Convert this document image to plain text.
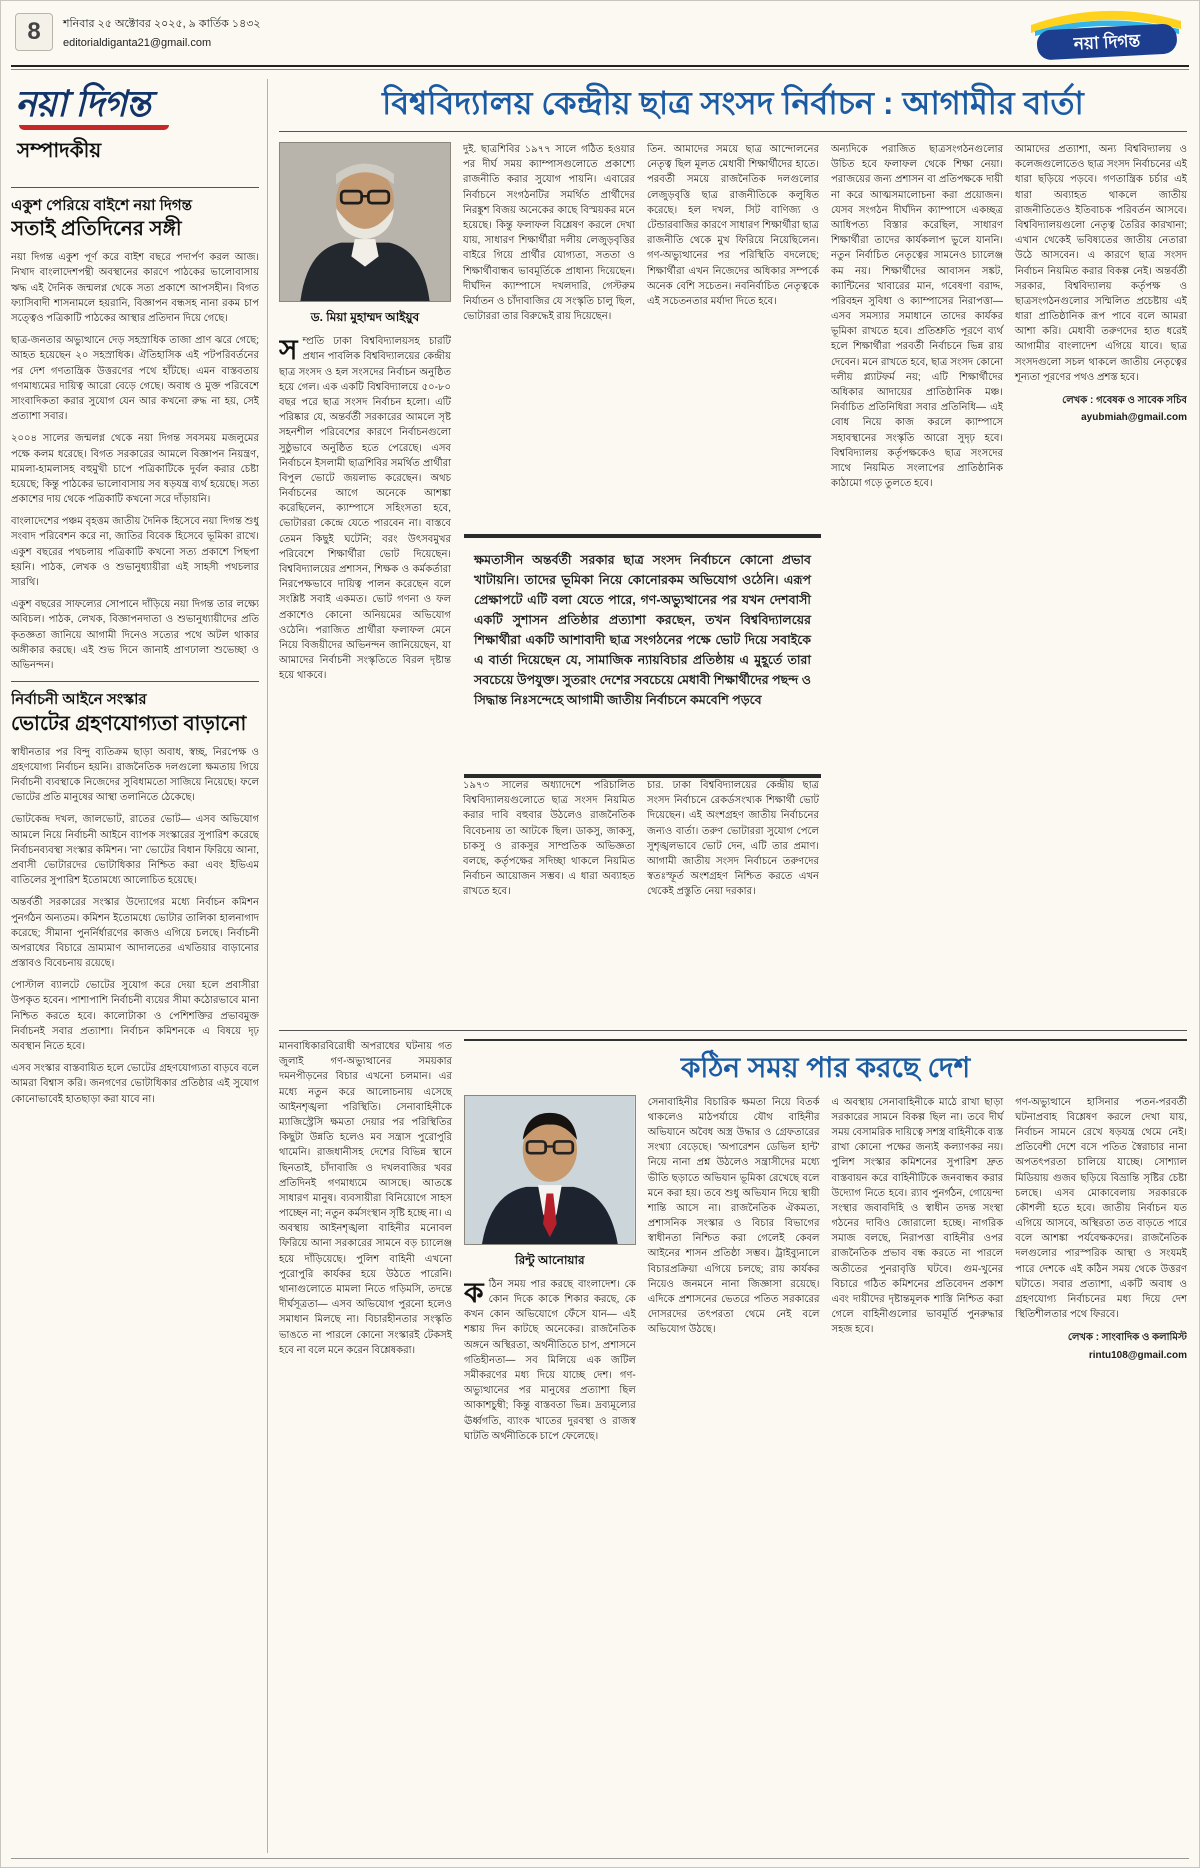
8	শনিবার ২৫ অক্টোবর ২০২৫, ৯ কার্তিক ১৪৩২
editorialdiganta21@gmail.com	নয়া দিগন্ত
নয়া দিগন্ত
সম্পাদকীয়
একুশ পেরিয়ে বাইশে নয়া দিগন্ত
সতাই প্রতিদিনের সঙ্গী

নয়া দিগন্ত একুশ পূর্ণ করে বাইশ বছরে পদার্পণ করল আজ। নিখাদ বাংলাদেশপন্থী অবস্থানের কারণে পাঠকের ভালোবাসায় ঋদ্ধ এই দৈনিক জন্মলগ্ন থেকে সত্য প্রকাশে আপসহীন। বিগত ফ্যাসিবাদী শাসনামলে হয়রানি, বিজ্ঞাপন বন্ধসহ নানা রকম চাপ সত্ত্বেও পত্রিকাটি পাঠকের আস্থার প্রতিদান দিয়ে গেছে।

ছাত্র-জনতার অভ্যুত্থানে দেড় সহস্রাধিক তাজা প্রাণ ঝরে গেছে; আহত হয়েছেন ২০ সহস্রাধিক। ঐতিহাসিক এই পটপরিবর্তনের পর দেশ গণতান্ত্রিক উত্তরণের পথে হাঁটছে। এমন বাস্তবতায় গণমাধ্যমের দায়িত্ব আরো বেড়ে গেছে। অবাধ ও মুক্ত পরিবেশে সাংবাদিকতা করার সুযোগ যেন আর কখনো রুদ্ধ না হয়, সেই প্রত্যাশা সবার।

২০০৪ সালের জন্মলগ্ন থেকে নয়া দিগন্ত সবসময় মজলুমের পক্ষে কলম ধরেছে। বিগত সরকারের আমলে বিজ্ঞাপন নিয়ন্ত্রণ, মামলা-হামলাসহ বহুমুখী চাপে পত্রিকাটিকে দুর্বল করার চেষ্টা হয়েছে; কিন্তু পাঠকের ভালোবাসায় সব ষড়যন্ত্র ব্যর্থ হয়েছে। সত্য প্রকাশের দায় থেকে পত্রিকাটি কখনো সরে দাঁড়ায়নি।

বাংলাদেশের পঞ্চম বৃহত্তম জাতীয় দৈনিক হিসেবে নয়া দিগন্ত শুধু সংবাদ পরিবেশন করে না, জাতির বিবেক হিসেবে ভূমিকা রাখে। একুশ বছরের পথচলায় পত্রিকাটি কখনো সত্য প্রকাশে পিছপা হয়নি। পাঠক, লেখক ও শুভানুধ্যায়ীরা এই সাহসী পথচলার সারথি।

একুশ বছরের সাফল্যের সোপানে দাঁড়িয়ে নয়া দিগন্ত তার লক্ষ্যে অবিচল। পাঠক, লেখক, বিজ্ঞাপনদাতা ও শুভানুধ্যায়ীদের প্রতি কৃতজ্ঞতা জানিয়ে আগামী দিনেও সত্যের পথে অটল থাকার অঙ্গীকার করছে। এই শুভ দিনে জানাই প্রাণঢালা শুভেচ্ছা ও অভিনন্দন।

নির্বাচনী আইনে সংস্কার
ভোটের গ্রহণযোগ্যতা বাড়ানো

স্বাধীনতার পর বিন্দু ব্যতিক্রম ছাড়া অবাধ, স্বচ্ছ, নিরপেক্ষ ও গ্রহণযোগ্য নির্বাচন হয়নি। রাজনৈতিক দলগুলো ক্ষমতায় গিয়ে নির্বাচনী ব্যবস্থাকে নিজেদের সুবিধামতো সাজিয়ে নিয়েছে। ফলে ভোটের প্রতি মানুষের আস্থা তলানিতে ঠেকেছে।

ভোটকেন্দ্র দখল, জালভোট, রাতের ভোট— এসব অভিযোগ আমলে নিয়ে নির্বাচনী আইনে ব্যাপক সংস্কারের সুপারিশ করেছে নির্বাচনব্যবস্থা সংস্কার কমিশন। 'না' ভোটের বিধান ফিরিয়ে আনা, প্রবাসী ভোটারদের ভোটাধিকার নিশ্চিত করা এবং ইভিএম বাতিলের সুপারিশ ইতোমধ্যে আলোচিত হয়েছে।

অন্তর্বর্তী সরকারের সংস্কার উদ্যোগের মধ্যে নির্বাচন কমিশন পুনর্গঠন অন্যতম। কমিশন ইতোমধ্যে ভোটার তালিকা হালনাগাদ করেছে; সীমানা পুনর্নির্ধারণের কাজও এগিয়ে চলছে। নির্বাচনী অপরাধের বিচারে ভ্রাম্যমাণ আদালতের এখতিয়ার বাড়ানোর প্রস্তাবও বিবেচনায় রয়েছে।

পোস্টাল ব্যালটে ভোটের সুযোগ করে দেয়া হলে প্রবাসীরা উপকৃত হবেন। পাশাপাশি নির্বাচনী ব্যয়ের সীমা কঠোরভাবে মানা নিশ্চিত করতে হবে। কালোটাকা ও পেশিশক্তির প্রভাবমুক্ত নির্বাচনই সবার প্রত্যাশা। নির্বাচন কমিশনকে এ বিষয়ে দৃঢ় অবস্থান নিতে হবে।

এসব সংস্কার বাস্তবায়িত হলে ভোটের গ্রহণযোগ্যতা বাড়বে বলে আমরা বিশ্বাস করি। জনগণের ভোটাধিকার প্রতিষ্ঠার এই সুযোগ কোনোভাবেই হাতছাড়া করা যাবে না।

বিশ্ববিদ্যালয় কেন্দ্রীয় ছাত্র সংসদ নির্বাচন : আগামীর বার্তা
ড. মিয়া মুহাম্মদ আইয়ুব
সম্প্রতি ঢাকা বিশ্ববিদ্যালয়সহ চারটি প্রধান পাবলিক বিশ্ববিদ্যালয়ের কেন্দ্রীয় ছাত্র সংসদ ও হল সংসদের নির্বাচন অনুষ্ঠিত হয়ে গেল। এক একটি বিশ্ববিদ্যালয়ে ৫০-৮০ বছর পরে ছাত্র সংসদ নির্বাচন হলো। এটি পরিষ্কার যে, অন্তর্বর্তী সরকারের আমলে সৃষ্ট সহনশীল পরিবেশের কারণে নির্বাচনগুলো সুষ্ঠুভাবে অনুষ্ঠিত হতে পেরেছে। এসব নির্বাচনে ইসলামী ছাত্রশিবির সমর্থিত প্রার্থীরা বিপুল ভোটে জয়লাভ করেছেন। অথচ নির্বাচনের আগে অনেকে আশঙ্কা করেছিলেন, ক্যাম্পাসে সহিংসতা হবে, ভোটাররা কেন্দ্রে যেতে পারবেন না। বাস্তবে তেমন কিছুই ঘটেনি; বরং উৎসবমুখর পরিবেশে শিক্ষার্থীরা ভোট দিয়েছেন। বিশ্ববিদ্যালয়ের প্রশাসন, শিক্ষক ও কর্মকর্তারা নিরপেক্ষভাবে দায়িত্ব পালন করেছেন বলে সংশ্লিষ্ট সবাই একমত। ভোট গণনা ও ফল প্রকাশেও কোনো অনিয়মের অভিযোগ ওঠেনি। পরাজিত প্রার্থীরা ফলাফল মেনে নিয়ে বিজয়ীদের অভিনন্দন জানিয়েছেন, যা আমাদের নির্বাচনী সংস্কৃতিতে বিরল দৃষ্টান্ত হয়ে থাকবে।
দুই. ছাত্রশিবির ১৯৭৭ সালে গঠিত হওয়ার পর দীর্ঘ সময় ক্যাম্পাসগুলোতে প্রকাশ্যে রাজনীতি করার সুযোগ পায়নি। এবারের নির্বাচনে সংগঠনটির সমর্থিত প্রার্থীদের নিরঙ্কুশ বিজয় অনেকের কাছে বিস্ময়কর মনে হয়েছে। কিন্তু ফলাফল বিশ্লেষণ করলে দেখা যায়, সাধারণ শিক্ষার্থীরা দলীয় লেজুড়বৃত্তির বাইরে গিয়ে প্রার্থীর যোগ্যতা, সততা ও শিক্ষার্থীবান্ধব ভাবমূর্তিকে প্রাধান্য দিয়েছেন। দীর্ঘদিন ক্যাম্পাসে দখলদারি, গেস্টরুম নির্যাতন ও চাঁদাবাজির যে সংস্কৃতি চালু ছিল, ভোটাররা তার বিরুদ্ধেই রায় দিয়েছেন।
১৯৭৩ সালের অধ্যাদেশে পরিচালিত বিশ্ববিদ্যালয়গুলোতে ছাত্র সংসদ নিয়মিত করার দাবি বহুবার উঠলেও রাজনৈতিক বিবেচনায় তা আটকে ছিল। ডাকসু, জাকসু, চাকসু ও রাকসুর সাম্প্রতিক অভিজ্ঞতা বলছে, কর্তৃপক্ষের সদিচ্ছা থাকলে নিয়মিত নির্বাচন আয়োজন সম্ভব। এ ধারা অব্যাহত রাখতে হবে।
তিন. আমাদের সময়ে ছাত্র আন্দোলনের নেতৃত্ব ছিল মূলত মেধাবী শিক্ষার্থীদের হাতে। পরবর্তী সময়ে রাজনৈতিক দলগুলোর লেজুড়বৃত্তি ছাত্র রাজনীতিকে কলুষিত করেছে। হল দখল, সিট বাণিজ্য ও টেন্ডারবাজির কারণে সাধারণ শিক্ষার্থীরা ছাত্র রাজনীতি থেকে মুখ ফিরিয়ে নিয়েছিলেন। গণ-অভ্যুত্থানের পর পরিস্থিতি বদলেছে; শিক্ষার্থীরা এখন নিজেদের অধিকার সম্পর্কে অনেক বেশি সচেতন। নবনির্বাচিত নেতৃত্বকে এই সচেতনতার মর্যাদা দিতে হবে।
চার. ঢাকা বিশ্ববিদ্যালয়ের কেন্দ্রীয় ছাত্র সংসদ নির্বাচনে রেকর্ডসংখ্যক শিক্ষার্থী ভোট দিয়েছেন। এই অংশগ্রহণ জাতীয় নির্বাচনের জন্যও বার্তা। তরুণ ভোটাররা সুযোগ পেলে সুশৃঙ্খলভাবে ভোট দেন, এটি তার প্রমাণ। আগামী জাতীয় সংসদ নির্বাচনে তরুণদের স্বতঃস্ফূর্ত অংশগ্রহণ নিশ্চিত করতে এখন থেকেই প্রস্তুতি নেয়া দরকার।
অন্যদিকে পরাজিত ছাত্রসংগঠনগুলোর উচিত হবে ফলাফল থেকে শিক্ষা নেয়া। পরাজয়ের জন্য প্রশাসন বা প্রতিপক্ষকে দায়ী না করে আত্মসমালোচনা করা প্রয়োজন। যেসব সংগঠন দীর্ঘদিন ক্যাম্পাসে একচ্ছত্র আধিপত্য বিস্তার করেছিল, সাধারণ শিক্ষার্থীরা তাদের কার্যকলাপ ভুলে যাননি। নতুন নির্বাচিত নেতৃত্বের সামনেও চ্যালেঞ্জ কম নয়। শিক্ষার্থীদের আবাসন সঙ্কট, ক্যান্টিনের খাবারের মান, গবেষণা বরাদ্দ, পরিবহন সুবিধা ও ক্যাম্পাসের নিরাপত্তা— এসব সমস্যার সমাধানে তাদের কার্যকর ভূমিকা রাখতে হবে। প্রতিশ্রুতি পূরণে ব্যর্থ হলে শিক্ষার্থীরা পরবর্তী নির্বাচনে ভিন্ন রায় দেবেন। মনে রাখতে হবে, ছাত্র সংসদ কোনো দলীয় প্ল্যাটফর্ম নয়; এটি শিক্ষার্থীদের অধিকার আদায়ের প্রাতিষ্ঠানিক মঞ্চ। নির্বাচিত প্রতিনিধিরা সবার প্রতিনিধি— এই বোধ নিয়ে কাজ করলে ক্যাম্পাসে সহাবস্থানের সংস্কৃতি আরো সুদৃঢ় হবে। বিশ্ববিদ্যালয় কর্তৃপক্ষকেও ছাত্র সংসদের সাথে নিয়মিত সংলাপের প্রাতিষ্ঠানিক কাঠামো গড়ে তুলতে হবে।
আমাদের প্রত্যাশা, অন্য বিশ্ববিদ্যালয় ও কলেজগুলোতেও ছাত্র সংসদ নির্বাচনের এই ধারা ছড়িয়ে পড়বে। গণতান্ত্রিক চর্চার এই ধারা অব্যাহত থাকলে জাতীয় রাজনীতিতেও ইতিবাচক পরিবর্তন আসবে। বিশ্ববিদ্যালয়গুলো নেতৃত্ব তৈরির কারখানা; এখান থেকেই ভবিষ্যতের জাতীয় নেতারা উঠে আসবেন। এ কারণে ছাত্র সংসদ নির্বাচন নিয়মিত করার বিকল্প নেই। অন্তর্বর্তী সরকার, বিশ্ববিদ্যালয় কর্তৃপক্ষ ও ছাত্রসংগঠনগুলোর সম্মিলিত প্রচেষ্টায় এই ধারা প্রাতিষ্ঠানিক রূপ পাবে বলে আমরা আশা করি। মেধাবী তরুণদের হাত ধরেই আগামীর বাংলাদেশ এগিয়ে যাবে। ছাত্র সংসদগুলো সচল থাকলে জাতীয় নেতৃত্বের শূন্যতা পূরণের পথও প্রশস্ত হবে।
লেখক : গবেষক ও সাবেক সচিব
ayubmiah@gmail.com
ক্ষমতাসীন অন্তর্বর্তী সরকার ছাত্র সংসদ নির্বাচনে কোনো প্রভাব খাটায়নি। তাদের ভূমিকা নিয়ে কোনোরকম অভিযোগ ওঠেনি। এরূপ প্রেক্ষাপটে এটি বলা যেতে পারে, গণ-অভ্যুত্থানের পর যখন দেশবাসী একটি সুশাসন প্রতিষ্ঠার প্রত্যাশা করছেন, তখন বিশ্ববিদ্যালয়ের শিক্ষার্থীরা একটি আশাবাদী ছাত্র সংগঠনের পক্ষে ভোট দিয়ে সবাইকে এ বার্তা দিয়েছেন যে, সামাজিক ন্যায়বিচার প্রতিষ্ঠায় এ মুহূর্তে তারা সবচেয়ে উপযুক্ত। সুতরাং দেশের সবচেয়ে মেধাবী শিক্ষার্থীদের পছন্দ ও সিদ্ধান্ত নিঃসন্দেহে আগামী জাতীয় নির্বাচনে কমবেশি পড়বে
মানবাধিকারবিরোধী অপরাধের ঘটনায় গত জুলাই গণ-অভ্যুত্থানের সময়কার দমনপীড়নের বিচার এখনো চলমান। এর মধ্যে নতুন করে আলোচনায় এসেছে আইনশৃঙ্খলা পরিস্থিতি। সেনাবাহিনীকে ম্যাজিস্ট্রেসি ক্ষমতা দেয়ার পর পরিস্থিতির কিছুটা উন্নতি হলেও মব সন্ত্রাস পুরোপুরি থামেনি। রাজধানীসহ দেশের বিভিন্ন স্থানে ছিনতাই, চাঁদাবাজি ও দখলবাজির খবর প্রতিদিনই গণমাধ্যমে আসছে। আতঙ্কে সাধারণ মানুষ। ব্যবসায়ীরা বিনিয়োগে সাহস পাচ্ছেন না; নতুন কর্মসংস্থান সৃষ্টি হচ্ছে না। এ অবস্থায় আইনশৃঙ্খলা বাহিনীর মনোবল ফিরিয়ে আনা সরকারের সামনে বড় চ্যালেঞ্জ হয়ে দাঁড়িয়েছে। পুলিশ বাহিনী এখনো পুরোপুরি কার্যকর হয়ে উঠতে পারেনি। থানাগুলোতে মামলা নিতে গড়িমসি, তদন্তে দীর্ঘসূত্রতা— এসব অভিযোগ পুরনো হলেও সমাধান মিলছে না। বিচারহীনতার সংস্কৃতি ভাঙতে না পারলে কোনো সংস্কারই টেকসই হবে না বলে মনে করেন বিশ্লেষকরা।
কঠিন সময় পার করছে দেশ
রিন্টু আনোয়ার
কঠিন সময় পার করছে বাংলাদেশ। কে কোন দিকে কাকে শিকার করছে, কে কখন কোন অভিযোগে ফেঁসে যান— এই শঙ্কায় দিন কাটছে অনেকের। রাজনৈতিক অঙ্গনে অস্থিরতা, অর্থনীতিতে চাপ, প্রশাসনে গতিহীনতা— সব মিলিয়ে এক জটিল সমীকরণের মধ্য দিয়ে যাচ্ছে দেশ। গণ-অভ্যুত্থানের পর মানুষের প্রত্যাশা ছিল আকাশচুম্বী; কিন্তু বাস্তবতা ভিন্ন। দ্রব্যমূল্যের ঊর্ধ্বগতি, ব্যাংক খাতের দুরবস্থা ও রাজস্ব ঘাটতি অর্থনীতিকে চাপে ফেলেছে।
সেনাবাহিনীর বিচারিক ক্ষমতা নিয়ে বিতর্ক থাকলেও মাঠপর্যায়ে যৌথ বাহিনীর অভিযানে অবৈধ অস্ত্র উদ্ধার ও গ্রেফতারের সংখ্যা বেড়েছে। 'অপারেশন ডেভিল হান্ট' নিয়ে নানা প্রশ্ন উঠলেও সন্ত্রাসীদের মধ্যে ভীতি ছড়াতে অভিযান ভূমিকা রেখেছে বলে মনে করা হয়। তবে শুধু অভিযান দিয়ে স্থায়ী শান্তি আসে না। রাজনৈতিক ঐকমত্য, প্রশাসনিক সংস্কার ও বিচার বিভাগের স্বাধীনতা নিশ্চিত করা গেলেই কেবল আইনের শাসন প্রতিষ্ঠা সম্ভব। ট্রাইব্যুনালে বিচারপ্রক্রিয়া এগিয়ে চলছে; রায় কার্যকর নিয়েও জনমনে নানা জিজ্ঞাসা রয়েছে। এদিকে প্রশাসনের ভেতরে পতিত সরকারের দোসরদের তৎপরতা থেমে নেই বলে অভিযোগ উঠছে।
এ অবস্থায় সেনাবাহিনীকে মাঠে রাখা ছাড়া সরকারের সামনে বিকল্প ছিল না। তবে দীর্ঘ সময় বেসামরিক দায়িত্বে সশস্ত্র বাহিনীকে ব্যস্ত রাখা কোনো পক্ষের জন্যই কল্যাণকর নয়। পুলিশ সংস্কার কমিশনের সুপারিশ দ্রুত বাস্তবায়ন করে বাহিনীটিকে জনবান্ধব করার উদ্যোগ নিতে হবে। র‍্যাব পুনর্গঠন, গোয়েন্দা সংস্থার জবাবদিহি ও স্বাধীন তদন্ত সংস্থা গঠনের দাবিও জোরালো হচ্ছে। নাগরিক সমাজ বলছে, নিরাপত্তা বাহিনীর ওপর রাজনৈতিক প্রভাব বন্ধ করতে না পারলে অতীতের পুনরাবৃত্তি ঘটবে। গুম-খুনের বিচারে গঠিত কমিশনের প্রতিবেদন প্রকাশ এবং দায়ীদের দৃষ্টান্তমূলক শাস্তি নিশ্চিত করা গেলে বাহিনীগুলোর ভাবমূর্তি পুনরুদ্ধার সহজ হবে।
গণ-অভ্যুত্থানে হাসিনার পতন-পরবর্তী ঘটনাপ্রবাহ বিশ্লেষণ করলে দেখা যায়, নির্বাচন সামনে রেখে ষড়যন্ত্র থেমে নেই। প্রতিবেশী দেশে বসে পতিত স্বৈরাচার নানা অপতৎপরতা চালিয়ে যাচ্ছে। সোশ্যাল মিডিয়ায় গুজব ছড়িয়ে বিভ্রান্তি সৃষ্টির চেষ্টা চলছে। এসব মোকাবেলায় সরকারকে কৌশলী হতে হবে। জাতীয় নির্বাচন যত এগিয়ে আসবে, অস্থিরতা তত বাড়তে পারে বলে আশঙ্কা পর্যবেক্ষকদের। রাজনৈতিক দলগুলোর পারস্পরিক আস্থা ও সংযমই পারে দেশকে এই কঠিন সময় থেকে উত্তরণ ঘটাতে। সবার প্রত্যাশা, একটি অবাধ ও গ্রহণযোগ্য নির্বাচনের মধ্য দিয়ে দেশ স্থিতিশীলতার পথে ফিরবে।
লেখক : সাংবাদিক ও কলামিস্ট
rintu108@gmail.com
